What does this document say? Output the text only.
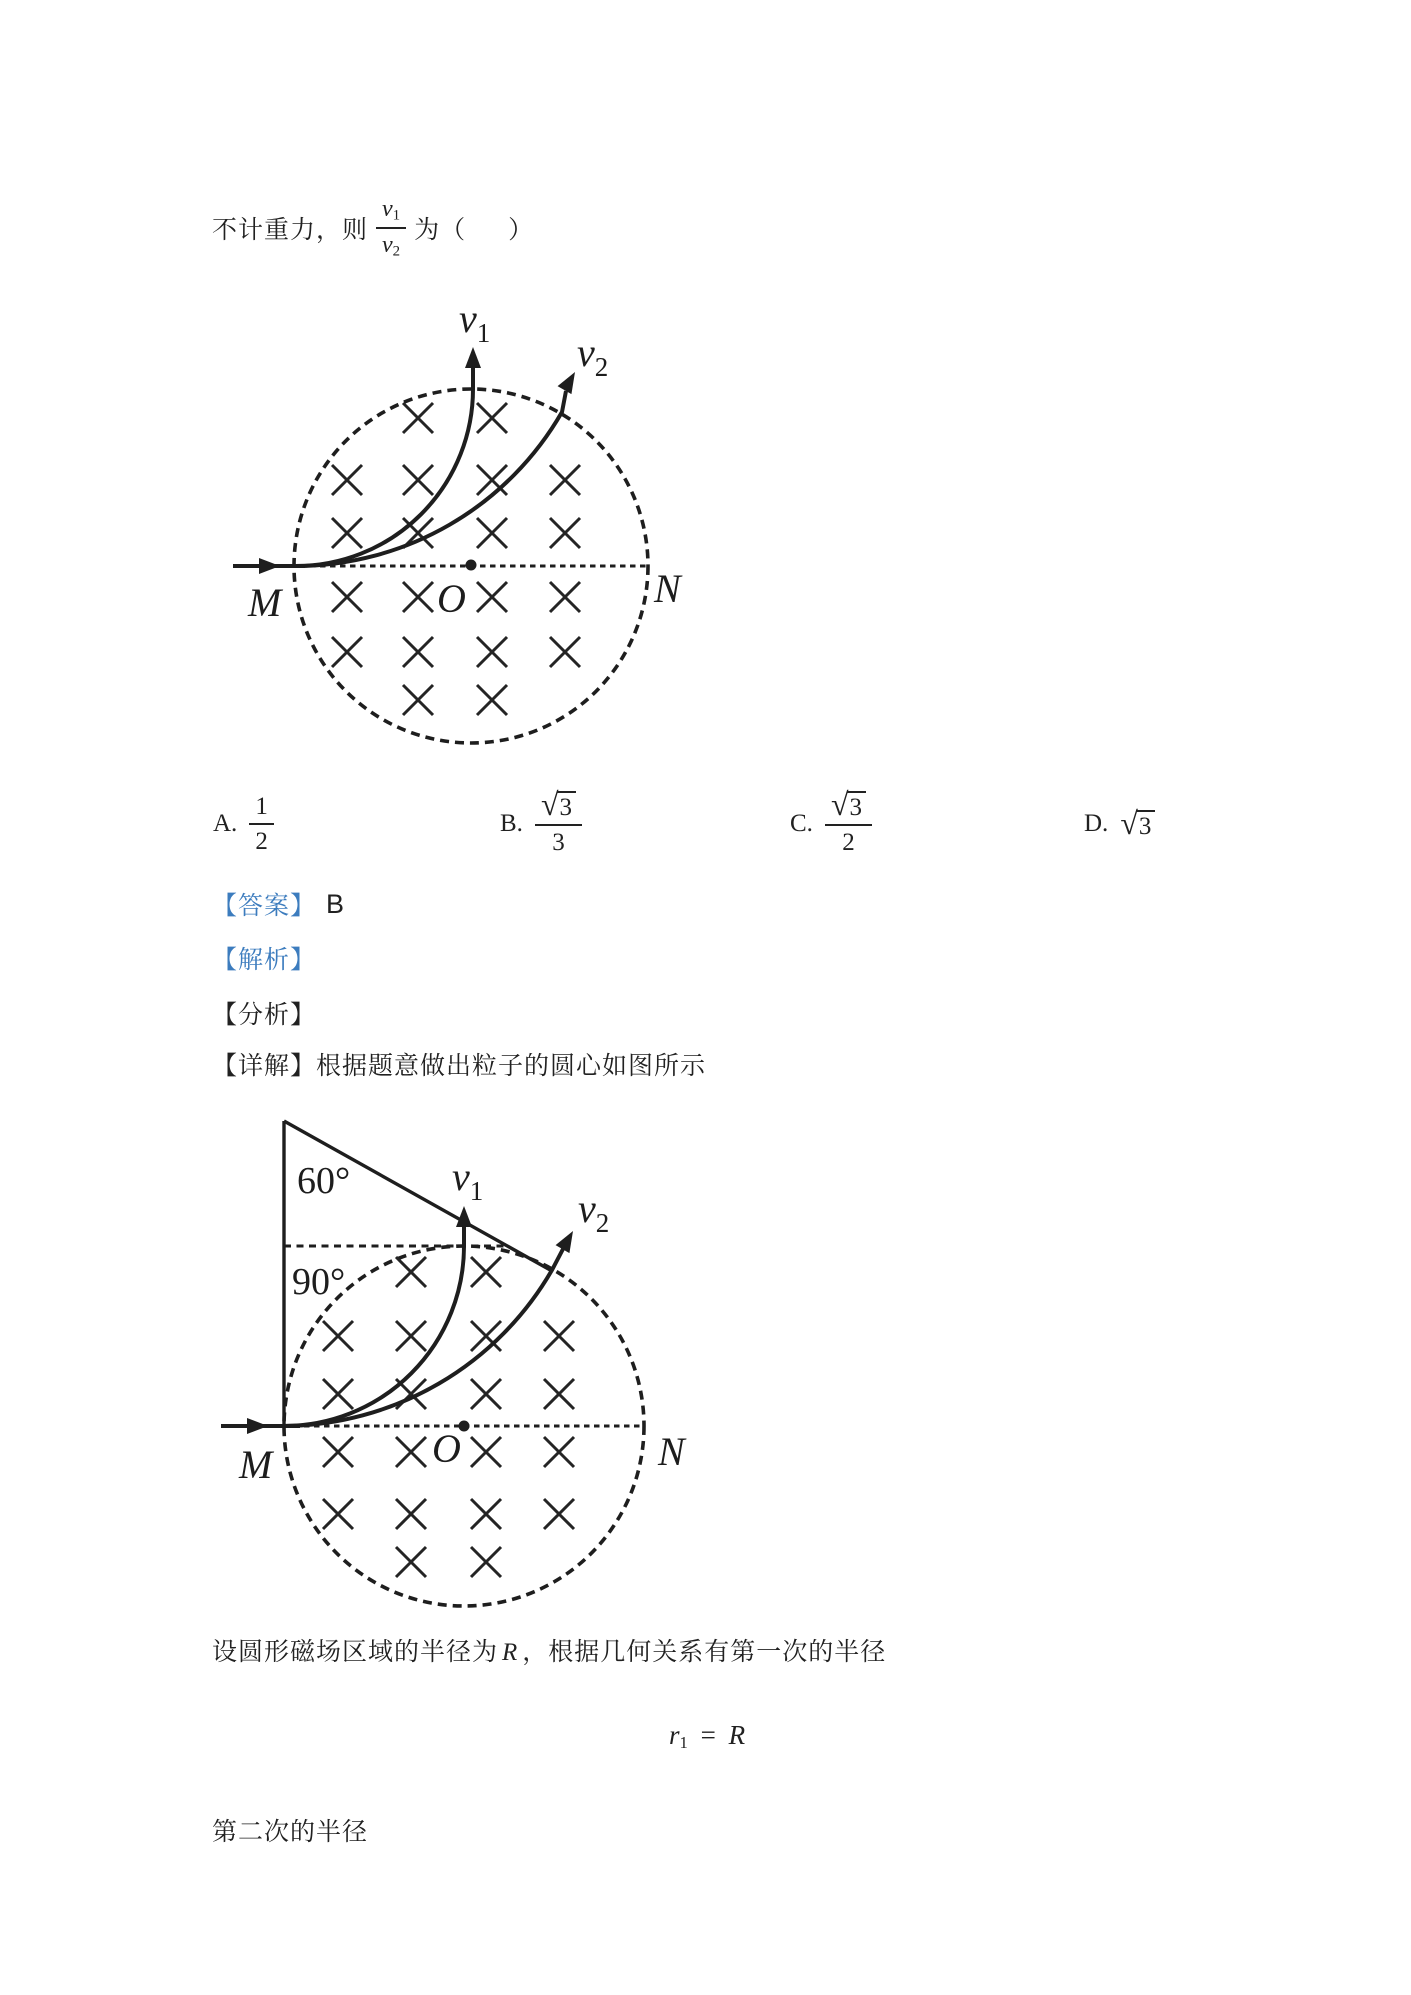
不计重力，则 $\frac{v_1}{v_2}$ 为 （ ）
$v_1$ $v_2$
M	N
O
A. $\frac{1}{2}$	B. $\frac{√ 3}{3}$	C. $\frac{√ 3}{2}$	D. √ 3
【答案】 B
【解析】
【分析】
【详解】根据题意做出粒子的圆心如图所示
60°
90°
$v_1$ $v_2$
M	N
O
设圆形磁场区域的半径为 R ，根据几何关系有第一次的半径
$r_1 = R$
第二次的半径
